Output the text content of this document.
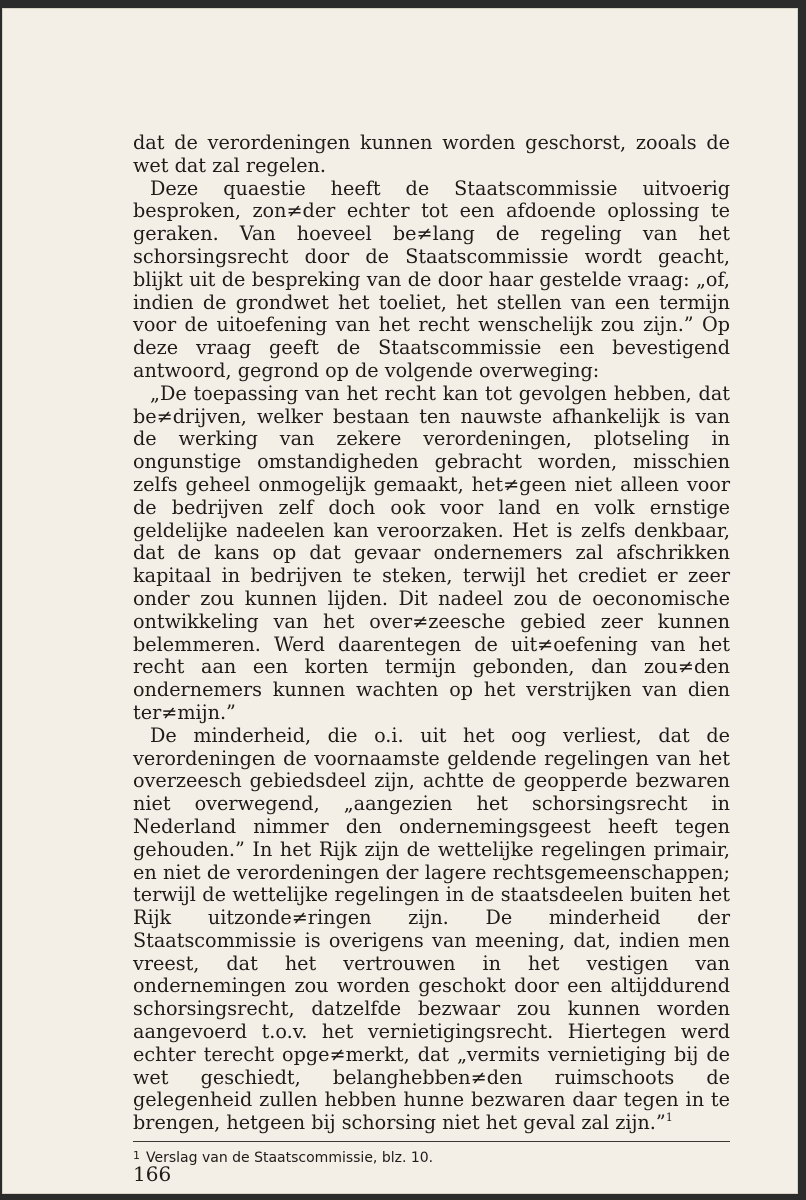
dat de verordeningen kunnen worden geschorst, zooals de wet dat zal regelen.

Deze quaestie heeft de Staatscommissie uitvoerig besproken, zon≠der echter tot een afdoende oplossing te geraken. Van hoeveel be≠lang de regeling van het schorsingsrecht door de Staatscommissie wordt geacht, blijkt uit de bespreking van de door haar gestelde vraag: „of, indien de grondwet het toeliet, het stellen van een termijn voor de uitoefening van het recht wenschelijk zou zijn.” Op deze vraag geeft de Staatscommissie een bevestigend antwoord, gegrond op de volgende overweging:

„De toepassing van het recht kan tot gevolgen hebben, dat be≠drijven, welker bestaan ten nauwste afhankelijk is van de werking van zekere verordeningen, plotseling in ongunstige omstandigheden gebracht worden, misschien zelfs geheel onmogelijk gemaakt, het≠geen niet alleen voor de bedrijven zelf doch ook voor land en volk ernstige geldelijke nadeelen kan veroorzaken. Het is zelfs denkbaar, dat de kans op dat gevaar ondernemers zal afschrikken kapitaal in bedrijven te steken, terwijl het crediet er zeer onder zou kunnen lijden. Dit nadeel zou de oeconomische ontwikkeling van het over≠zeesche gebied zeer kunnen belemmeren. Werd daarentegen de uit≠oefening van het recht aan een korten termijn gebonden, dan zou≠den ondernemers kunnen wachten op het verstrijken van dien ter≠mijn.”

De minderheid, die o.i. uit het oog verliest, dat de verordeningen de voornaamste geldende regelingen van het overzeesch gebiedsdeel zijn, achtte de geopperde bezwaren niet overwegend, „aangezien het schorsingsrecht in Nederland nimmer den ondernemingsgeest heeft tegen gehouden.” In het Rijk zijn de wettelijke regelingen primair, en niet de verordeningen der lagere rechtsgemeenschappen; terwijl de wettelijke regelingen in de staatsdeelen buiten het Rijk uitzonde≠ringen zijn. De minderheid der Staatscommissie is overigens van meening, dat, indien men vreest, dat het vertrouwen in het vestigen van ondernemingen zou worden geschokt door een altijddurend schorsingsrecht, datzelfde bezwaar zou kunnen worden aangevoerd t.o.v. het vernietigingsrecht. Hiertegen werd echter terecht opge≠merkt, dat „vermits vernietiging bij de wet geschiedt, belanghebben≠den ruimschoots de gelegenheid zullen hebben hunne bezwaren daar tegen in te brengen, hetgeen bij schorsing niet het geval zal zijn.”$^1$

$^1$ Verslag van de Staatscommissie, blz. 10.
166
